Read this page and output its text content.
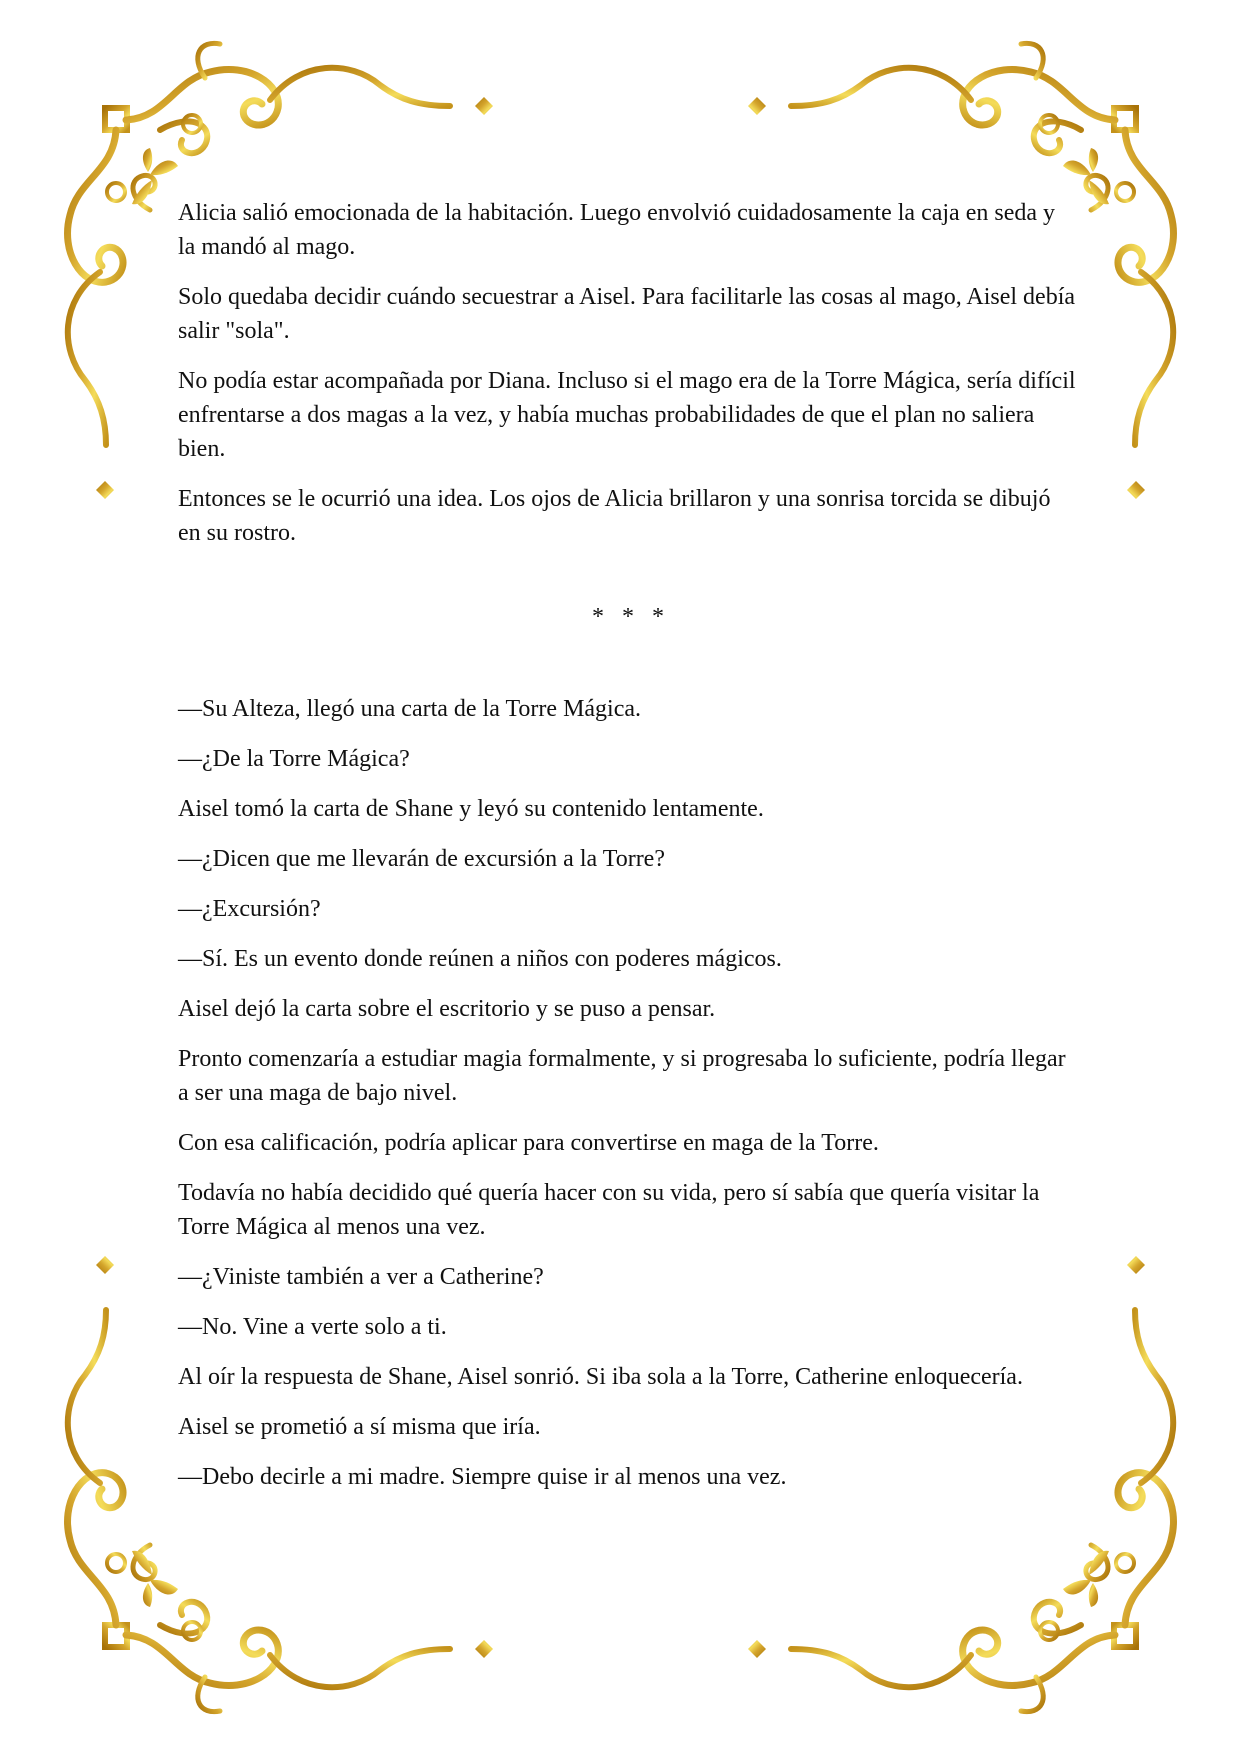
Alicia salió emocionada de la habitación. Luego envolvió cuidadosamente la caja en seda y la mandó al mago.

Solo quedaba decidir cuándo secuestrar a Aisel. Para facilitarle las cosas al mago, Aisel debía salir "sola".

No podía estar acompañada por Diana. Incluso si el mago era de la Torre Mágica, sería difícil enfrentarse a dos magas a la vez, y había muchas probabilidades de que el plan no saliera bien.

Entonces se le ocurrió una idea. Los ojos de Alicia brillaron y una sonrisa torcida se dibujó en su rostro.

* * *

—Su Alteza, llegó una carta de la Torre Mágica.

—¿De la Torre Mágica?

Aisel tomó la carta de Shane y leyó su contenido lentamente.

—¿Dicen que me llevarán de excursión a la Torre?

—¿Excursión?

—Sí. Es un evento donde reúnen a niños con poderes mágicos.

Aisel dejó la carta sobre el escritorio y se puso a pensar.

Pronto comenzaría a estudiar magia formalmente, y si progresaba lo suficiente, podría llegar a ser una maga de bajo nivel.

Con esa calificación, podría aplicar para convertirse en maga de la Torre.

Todavía no había decidido qué quería hacer con su vida, pero sí sabía que quería visitar la Torre Mágica al menos una vez.

—¿Viniste también a ver a Catherine?

—No. Vine a verte solo a ti.

Al oír la respuesta de Shane, Aisel sonrió. Si iba sola a la Torre, Catherine enloquecería.

Aisel se prometió a sí misma que iría.

—Debo decirle a mi madre. Siempre quise ir al menos una vez.
